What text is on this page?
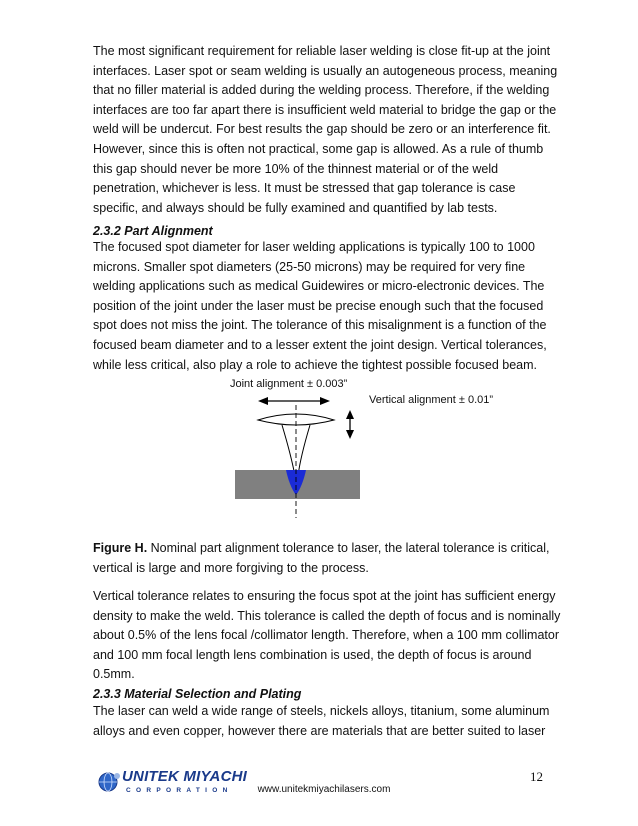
The most significant requirement for reliable laser welding is close fit-up at the joint interfaces. Laser spot or seam welding is usually an autogeneous process, meaning that no filler material is added during the welding process. Therefore, if the welding interfaces are too far apart there is insufficient weld material to bridge the gap or the weld will be undercut. For best results the gap should be zero or an interference fit. However, since this is often not practical, some gap is allowed. As a rule of thumb this gap should never be more 10% of the thinnest material or of the weld penetration, whichever is less. It must be stressed that gap tolerance is case specific, and always should be fully examined and quantified by lab tests.

2.3.2 Part Alignment

The focused spot diameter for laser welding applications is typically 100 to 1000 microns. Smaller spot diameters (25-50 microns) may be required for very fine welding applications such as medical Guidewires or micro-electronic devices. The position of the joint under the laser must be precise enough such that the focused spot does not miss the joint. The tolerance of this misalignment is a function of the focused beam diameter and to a lesser extent the joint design. Vertical tolerances, while less critical, also play a role to achieve the tightest possible focused beam.

Joint alignment ± 0.003”
Vertical alignment ± 0.01”

Figure H. Nominal part alignment tolerance to laser, the lateral tolerance is critical, vertical is large and more forgiving to the process.

Vertical tolerance relates to ensuring the focus spot at the joint has sufficient energy density to make the weld. This tolerance is called the depth of focus and is nominally about 0.5% of the lens focal /collimator length. Therefore, when a 100 mm collimator and 100 mm focal length lens combination is used, the depth of focus is around 0.5mm.

2.3.3 Material Selection and Plating

The laser can weld a wide range of steels, nickels alloys, titanium, some aluminum alloys and even copper, however there are materials that are better suited to laser

UNITEK MIYACHI
CORPORATION
12
www.unitekmiyachilasers.com
